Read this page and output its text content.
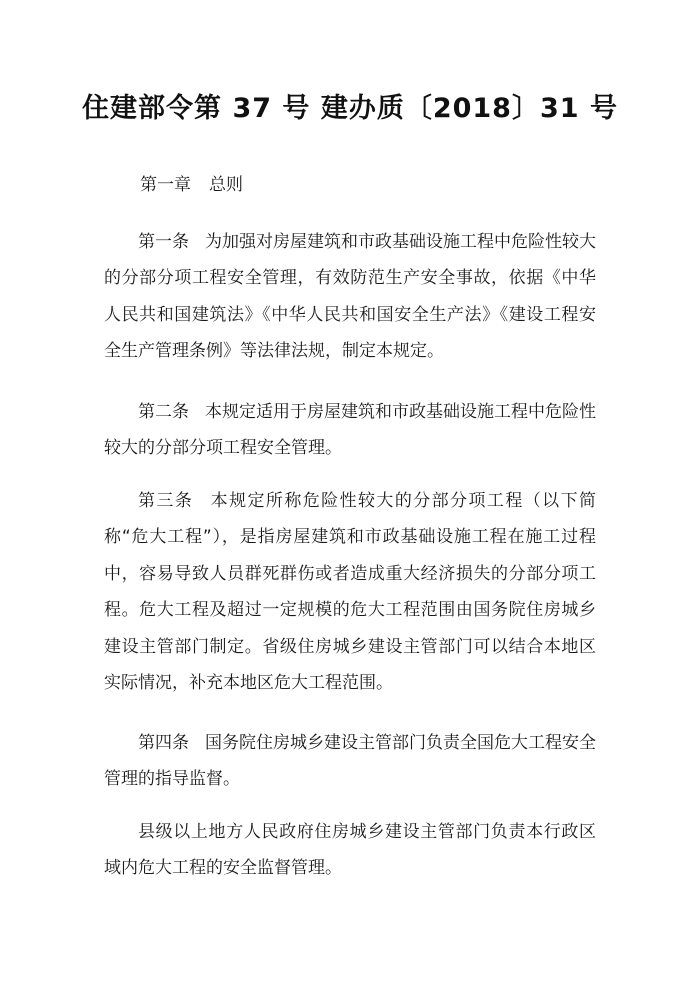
住建部令第 37 号 建办质〔2018〕31 号
第一章 总则

第一条 为加强对房屋建筑和市政基础设施工程中危险性较大的分部分项工程安全管理，有效防范生产安全事故，依据《中华人民共和国建筑法》《中华人民共和国安全生产法》《建设工程安全生产管理条例》等法律法规，制定本规定。

第二条 本规定适用于房屋建筑和市政基础设施工程中危险性较大的分部分项工程安全管理。

第三条 本规定所称危险性较大的分部分项工程（以下简称“危大工程”），是指房屋建筑和市政基础设施工程在施工过程中，容易导致人员群死群伤或者造成重大经济损失的分部分项工程。危大工程及超过一定规模的危大工程范围由国务院住房城乡建设主管部门制定。省级住房城乡建设主管部门可以结合本地区实际情况，补充本地区危大工程范围。

第四条 国务院住房城乡建设主管部门负责全国危大工程安全管理的指导监督。

县级以上地方人民政府住房城乡建设主管部门负责本行政区域内危大工程的安全监督管理。
